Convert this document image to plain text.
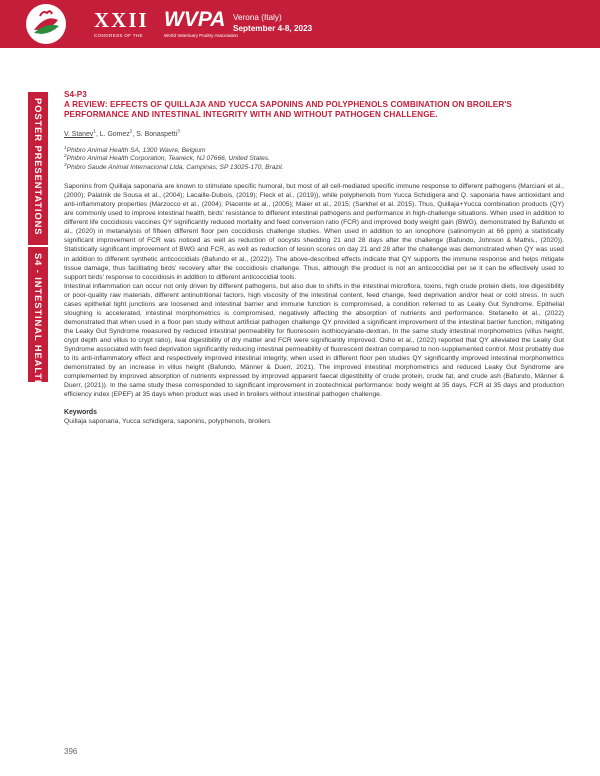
XXII
CONGRESS OF THE
WVPA
World Veterinary Poultry Association
Verona (Italy)
September 4-8, 2023
POSTER PRESENTATIONS
S4 - INTESTINAL HEALTH
S4-P3
A REVIEW: EFFECTS OF QUILLAJA AND YUCCA SAPONINS AND POLYPHENOLS COMBINATION ON BROILER'S PERFORMANCE AND INTESTINAL INTEGRITY WITH AND WITHOUT PATHOGEN CHALLENGE.
V. Stanev$^1$, L. Gomez$^2$, S. Bonaspetti$^3$
$^1$Phibro Animal Health SA, 1300 Wavre, Belgium
$^2$Phibro Animal Health Corporation, Teaneck, NJ 07666, United States.
$^3$Phibro Saude Animal Internacional Ltda, Campinas, SP 13025-170, Brazil.

Saponins from Quillaja saponaria are known to stimulate specific humoral, but most of all cell-mediated specific immune response to different pathogens (Marciani et al., (2000); Palatnik de Sousa et al., (2004); Lacaille-Dubois, (2019); Fleck et al., (2019)), while polyphenols from Yucca Schidigera and Q. saponaria have antioxidant and anti-inflammatory properties (Marzocco et al., (2004); Piacente et al., (2005); Maier et al., 2015; (Sarkhel et al. 2015). Thus, Quillaja+Yucca combination products (QY) are commonly used to improve intestinal health, birds' resistance to different intestinal pathogens and performance in high-challenge situations. When used in addition to different life coccidiosis vaccines QY significantly reduced mortality and feed conversion ratio (FCR) and improved body weight gain (BWG), demonstrated by Bafundo et al., (2020) in metanalysis of fifteen different floor pen coccidiosis challenge studies. When used in addition to an ionophore (salinomycin at 66 ppm) a statistically significant improvement of FCR was noticed as well as reduction of oocysts shedding 21 and 28 days after the challenge (Bafundo, Johnson & Mathis., (2020)). Statistically significant improvement of BWG and FCR, as well as reduction of lesion scores on day 21 and 28 after the challenge was demonstrated when QY was used in addition to different synthetic anticoccidials (Bafundo et al., (2022)). The above-described effects indicate that QY supports the immune response and helps mitigate tissue damage, thus facilitating birds' recovery after the coccidiosis challenge. Thus, although the product is not an anticoccidial per se it can be effectively used to support birds' response to coccidiosis in addition to different anticoccidial tools.

Intestinal inflammation can occur not only driven by different pathogens, but also due to shifts in the intestinal microflora, toxins, high crude protein diets, low digestibility or poor-quality raw materials, different antinutritional factors, high viscosity of the intestinal content, feed change, feed deprivation and/or heat or cold stress. In such cases epithelial tight junctions are loosened and intestinal barrier and immune function is compromised, a condition referred to as Leaky Gut Syndrome. Epithelial sloughing is accelerated, intestinal morphometrics is compromised, negatively affecting the absorption of nutrients and performance. Stefanello et al., (2022) demonstrated that when used in a floor pen study without artificial pathogen challenge QY provided a significant improvement of the intestinal barrier function, mitigating the Leaky Gut Syndrome measured by reduced intestinal permeability for fluorescein isothiocyanate-dextran. In the same study intestinal morphometrics (villus height, crypt depth and villus to crypt ratio), ileal digestibility of dry matter and FCR were significantly improved. Osho et al., (2022) reported that QY alleviated the Leaky Gut Syndrome associated with feed deprivation significantly reducing intestinal permeability of fluorescent dextran compared to non-supplemented control. Most probably due to its anti-inflammatory effect and respectively improved intestinal integrity, when used in different floor pen studies QY significantly improved intestinal morphometrics demonstrated by an increase in villus height (Bafundo, Männer & Duerr, 2021). The improved intestinal morphometrics and reduced Leaky Gut Syndrome are complemented by improved absorption of nutrients expressed by improved apparent faecal digestibility of crude protein, crude fat, and crude ash (Bafundo, Männer & Duerr, (2021)). In the same study these corresponded to significant improvement in zootechnical performance: body weight at 35 days, FCR at 35 days and production efficiency index (EPEF) at 35 days when product was used in broilers without intestinal pathogen challenge.

Keywords
Quillaja saponaria, Yucca schidigera, saponins, polyphenols, broilers
396
